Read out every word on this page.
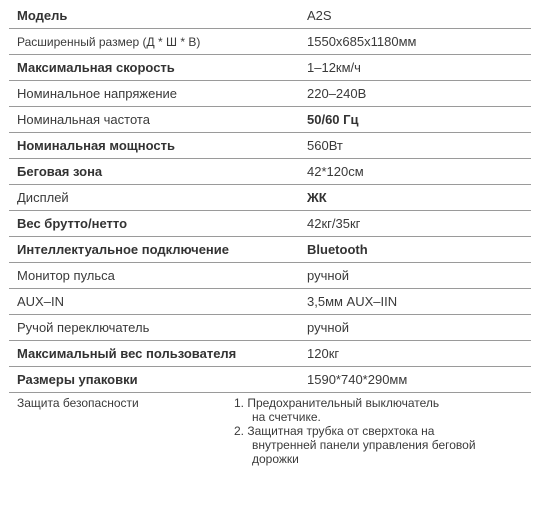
Модель	A2S
Расширенный размер (Д * Ш * В)	1550x685x1180мм
Максимальная скорость	1–12км/ч
Номинальное напряжение	220–240В
Номинальная частота	50/60 Гц
Номинальная мощность	560Вт
Беговая зона	42*120см
Дисплей	ЖК
Вес брутто/нетто	42кг/35кг
Интеллектуальное подключение	Bluetooth
Монитор пульса	ручной
AUX–IN	3,5мм AUX–IIN
Ручой переключатель	ручной
Максимальный вес пользователя	120кг
Размеры упаковки	1590*740*290мм
Защита безопасности	1. Предохранительный выключатель
на счетчике.
2. Защитная трубка от сверхтока на
внутренней панели управления беговой дорожки
